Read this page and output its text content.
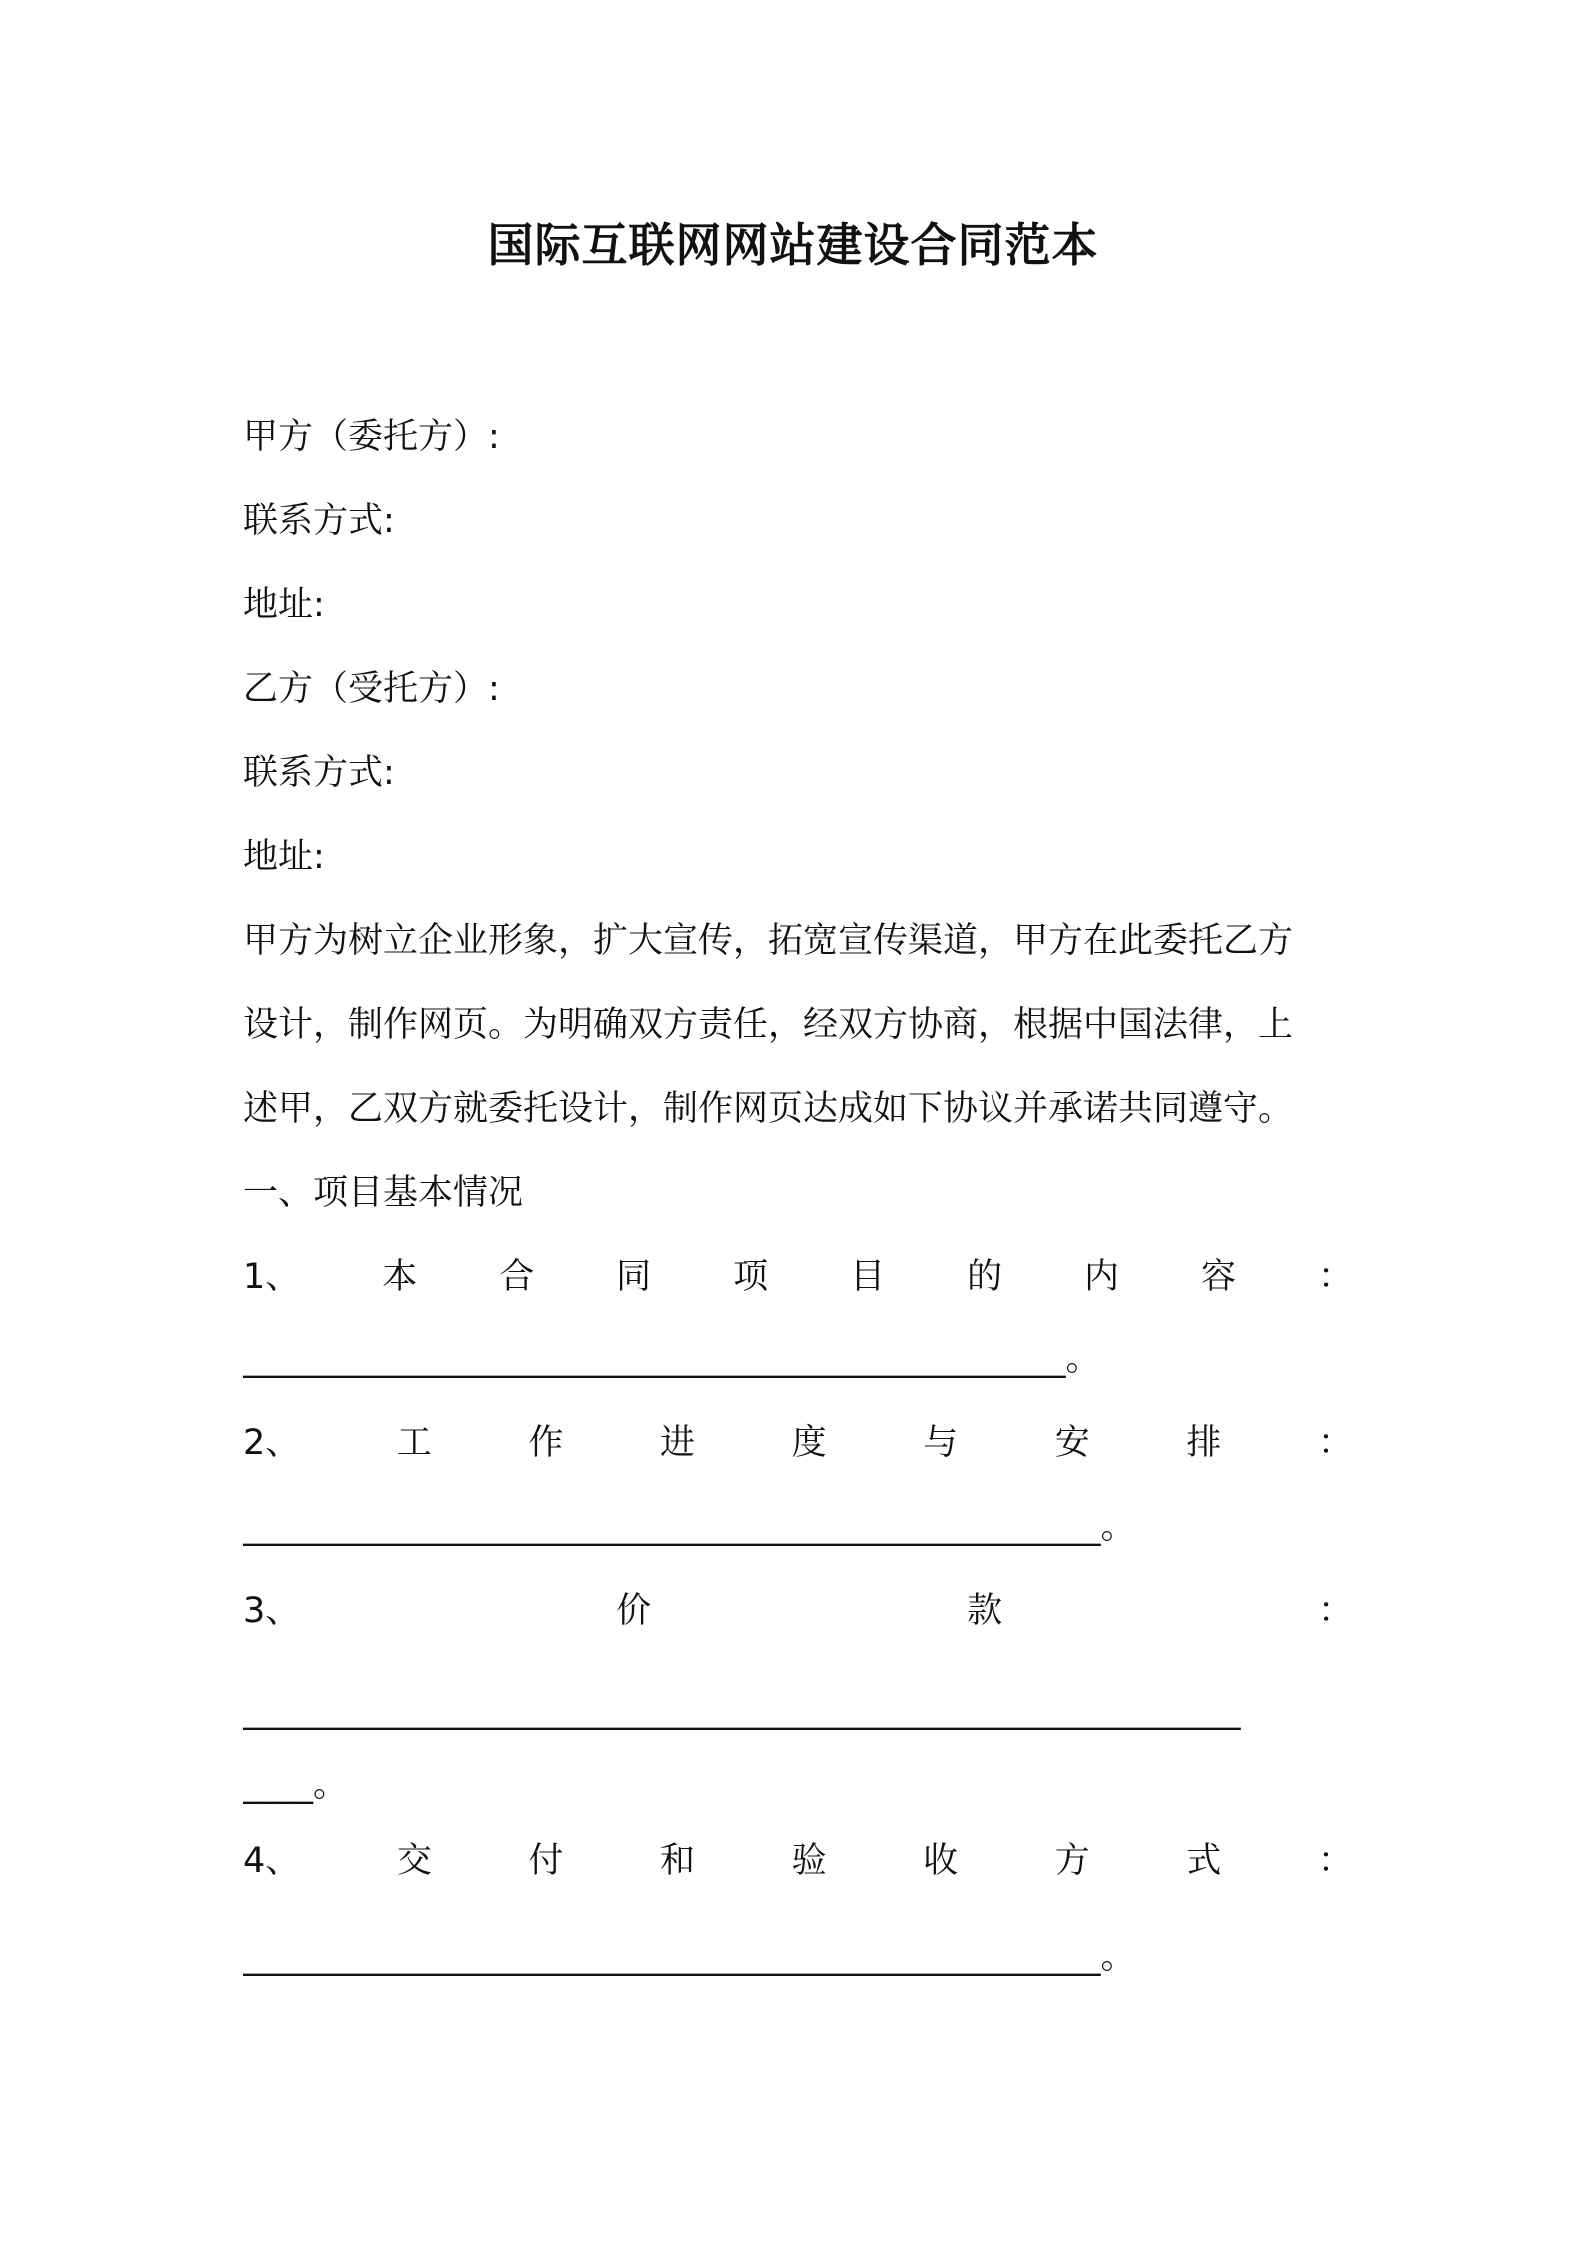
国际互联网网站建设合同范本
甲方（委托方）:
联系方式:
地址:
乙方（受托方）:
联系方式:
地址:
甲方为树立企业形象，扩大宣传，拓宽宣传渠道，甲方在此委托乙方
设计，制作网页。为明确双方责任，经双方协商，根据中国法律，上
述甲，乙双方就委托设计，制作网页达成如下协议并承诺共同遵守。
一、项目基本情况
1、 本 合 同 项 目 的 内 容 ：
_______________________________________________。
2、	工	作	进	度	与	安	排	：
_________________________________________________。
3、	价	款	：
_________________________________________________________
____。
4、	交	付	和	验	收	方	式	：
_________________________________________________。
